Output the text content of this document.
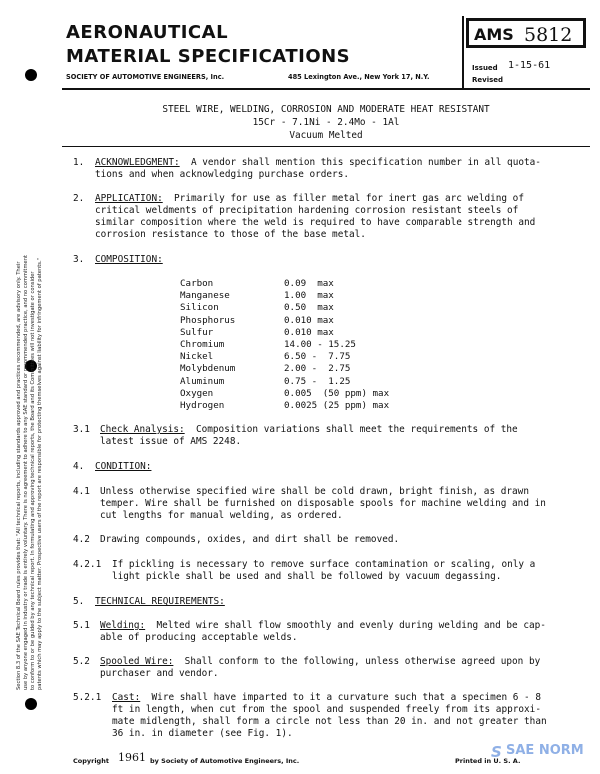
AERONAUTICAL
MATERIAL SPECIFICATIONS
SOCIETY OF AUTOMOTIVE ENGINEERS, Inc.	485 Lexington Ave., New York 17, N.Y.
AMS 5812
Issued 1-15-61
Revised
STEEL WIRE, WELDING, CORROSION AND MODERATE HEAT RESISTANT
15Cr - 7.1Ni - 2.4Mo - 1Al
Vacuum Melted
1. ACKNOWLEDGMENT: A vendor shall mention this specification number in all quota-
tions and when acknowledging purchase orders.
2. APPLICATION: Primarily for use as filler metal for inert gas arc welding of
critical weldments of precipitation hardening corrosion resistant steels of
similar composition where the weld is required to have comparable strength and
corrosion resistance to those of the base metal.
3. COMPOSITION:
Carbon	0.09  max
Manganese	1.00  max
Silicon	0.50  max
Phosphorus	0.010 max
Sulfur	0.010 max
Chromium	14.00 - 15.25
Nickel	6.50 -  7.75
Molybdenum	2.00 -  2.75
Aluminum	0.75 -  1.25
Oxygen	0.005  (50 ppm) max
Hydrogen	0.0025 (25 ppm) max
3.1 Check Analysis: Composition variations shall meet the requirements of the
latest issue of AMS 2248.
4. CONDITION:
4.1 Unless otherwise specified wire shall be cold drawn, bright finish, as drawn
temper. Wire shall be furnished on disposable spools for machine welding and in
cut lengths for manual welding, as ordered.
4.2 Drawing compounds, oxides, and dirt shall be removed.
4.2.1 If pickling is necessary to remove surface contamination or scaling, only a
light pickle shall be used and shall be followed by vacuum degassing.
5. TECHNICAL REQUIREMENTS:
5.1 Welding: Melted wire shall flow smoothly and evenly during welding and be cap-
able of producing acceptable welds.
5.2 Spooled Wire: Shall conform to the following, unless otherwise agreed upon by
purchaser and vendor.
5.2.1 Cast: Wire shall have imparted to it a curvature such that a specimen 6 - 8
ft in length, when cut from the spool and suspended freely from its approxi-
mate midlength, shall form a circle not less than 20 in. and not greater than
36 in. in diameter (see Fig. 1).
Copyright 1961 by Society of Automotive Engineers, Inc.	Printed in U. S. A.
S SAE NORM
Section 8.3 of the SAE Technical Board rules provides that: "All technical reports, including standards approved and practices recommended, are advisory only. Their use by anyone engaged in industry or trade is entirely voluntary. There is no agreement to adhere to any SAE standard or recommended practice, and no commitment to conform to or be guided by any technical report. In formulating and approving technical reports, the Board and its Committees will not investigate or consider patents which may apply to the subject matter. Prospective users of the report are responsible for protecting themselves against liability for infringement of patents."
